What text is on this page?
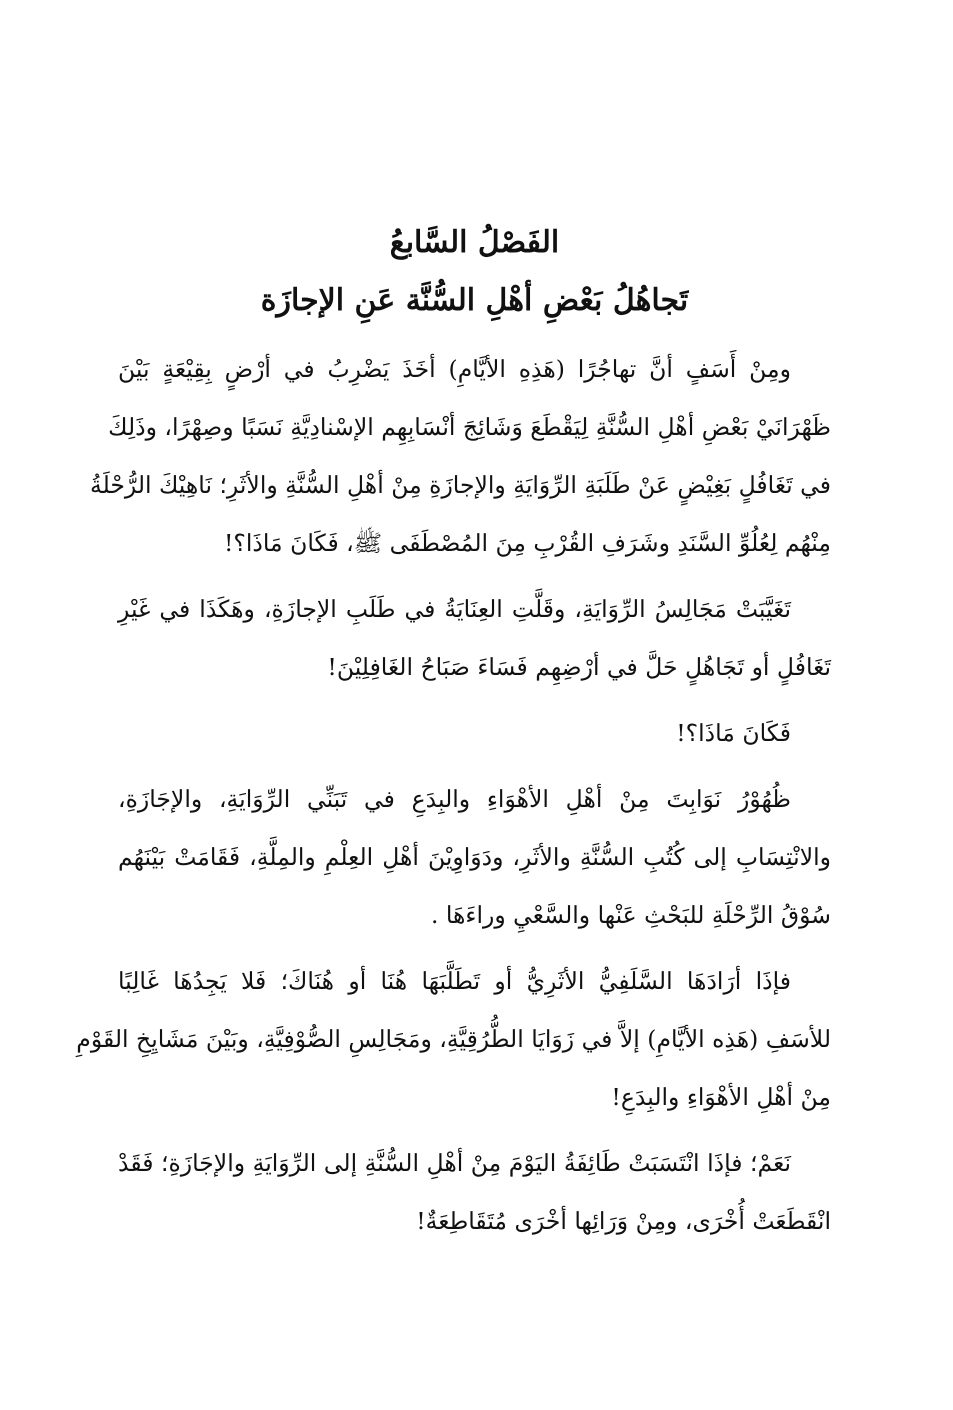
الفَصْلُ السَّابعُ
تَجاهُلُ بَعْضِ أهْلِ السُّنَّة عَنِ الإجازَة
ومِنْ أَسَفٍ أنَّ تهاجُرًا (هَذِهِ الأيَّامِ) أخَذَ يَضْرِبُ في أرْضٍ بِقِيْعَةٍ بَيْنَ
ظَهْرَانَيْ بَعْضِ أهْلِ السُّنَّةِ لِيَقْطَعَ وَشَائِجَ أنْسَابِهِم الإسْنادِيَّةِ نَسَبًا وصِهْرًا، وذَلِكَ
في تَغَافُلٍ بَغِيْضٍ عَنْ طَلَبَةِ الرِّوَايَةِ والإجازَةِ مِنْ أهْلِ السُّنَّةِ والأثَرِ؛ نَاهِيْكَ الرُّحْلَةُ
مِنْهُم لِعُلُوِّ السَّنَدِ وشَرَفِ القُرْبِ مِنَ المُصْطَفَى ﷺ، فَكَانَ مَاذَا؟!
تَغَيَّبَتْ مَجَالِسُ الرِّوَايَةِ، وقَلَّتِ العِنَايَةُ في طَلَبِ الإجازَةِ، وهَكَذَا في غَيْرِ
تَغَافُلٍ أو تَجَاهُلٍ حَلَّ في أرْضِهِم فَسَاءَ صَبَاحُ الغَافِلِيْنَ!
فَكَانَ مَاذَا؟!
ظُهُوْرُ نَوَابِتَ مِنْ أهْلِ الأهْوَاءِ والبِدَعِ في تَبَنِّي الرِّوَايَةِ، والإجَازَةِ،
والانْتِسَابِ إلى كُتُبِ السُّنَّةِ والأثَرِ، ودَوَاوِيْنَ أهْلِ العِلْمِ والمِلَّةِ، فَقَامَتْ بَيْنَهُم
سُوْقُ الرِّحْلَةِ للبَحْثِ عَنْها والسَّعْيِ وراءَهَا .
فإذَا أرَادَهَا السَّلَفِيُّ الأثَرِيُّ أو تَطَلَّبَهَا هُنَا أو هُنَاكَ؛ فَلا يَجِدُهَا غَالِبًا
للأسَفِ (هَذِه الأيَّامِ) إلاَّ في زَوَايَا الطُّرُقِيَّةِ، ومَجَالِسِ الصُّوْفِيَّةِ، وبَيْنَ مَشَايِخِ القَوْمِ
مِنْ أهْلِ الأهْوَاءِ والبِدَعِ!
نَعَمْ؛ فإذَا انْتَسَبَتْ طَائِفَةُ اليَوْمَ مِنْ أهْلِ السُّنَّةِ إلى الرِّوَايَةِ والإجَازَةِ؛ فَقَدْ
انْقَطَعَتْ أُخْرَى، ومِنْ وَرَائِها أخْرَى مُتَقَاطِعَةٌ!
